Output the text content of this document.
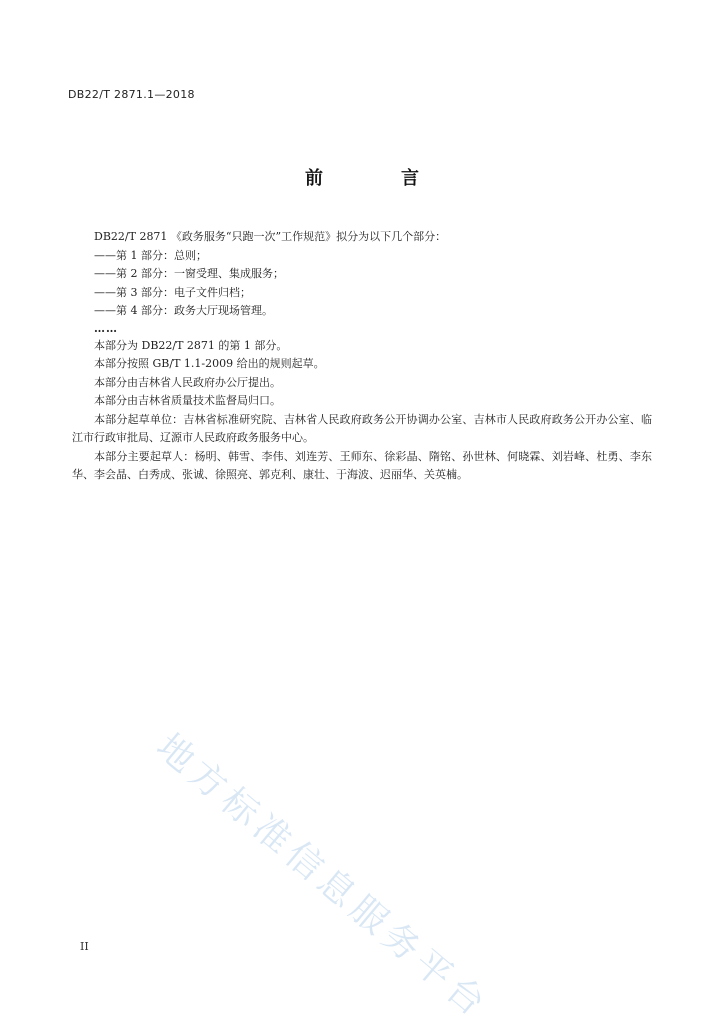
DB22/T 2871.1—2018
前　言

DB22/T 2871 《政务服务“只跑一次”工作规范》拟分为以下几个部分：

——第 1 部分：总则；

——第 2 部分：一窗受理、集成服务；

——第 3 部分：电子文件归档；

——第 4 部分：政务大厅现场管理。

……

本部分为 DB22/T 2871 的第 1 部分。

本部分按照 GB/T 1.1-2009 给出的规则起草。

本部分由吉林省人民政府办公厅提出。

本部分由吉林省质量技术监督局归口。

本部分起草单位：吉林省标准研究院、吉林省人民政府政务公开协调办公室、吉林市人民政府政务公开办公室、临江市行政审批局、辽源市人民政府政务服务中心。

本部分主要起草人：杨明、韩雪、李伟、刘连芳、王师东、徐彩晶、隋铭、孙世林、何晓霖、刘岩峰、杜勇、李东华、李会晶、白秀成、张诚、徐照亮、郭克利、康壮、于海波、迟丽华、关英楠。

地方标准信息服务平台
II
